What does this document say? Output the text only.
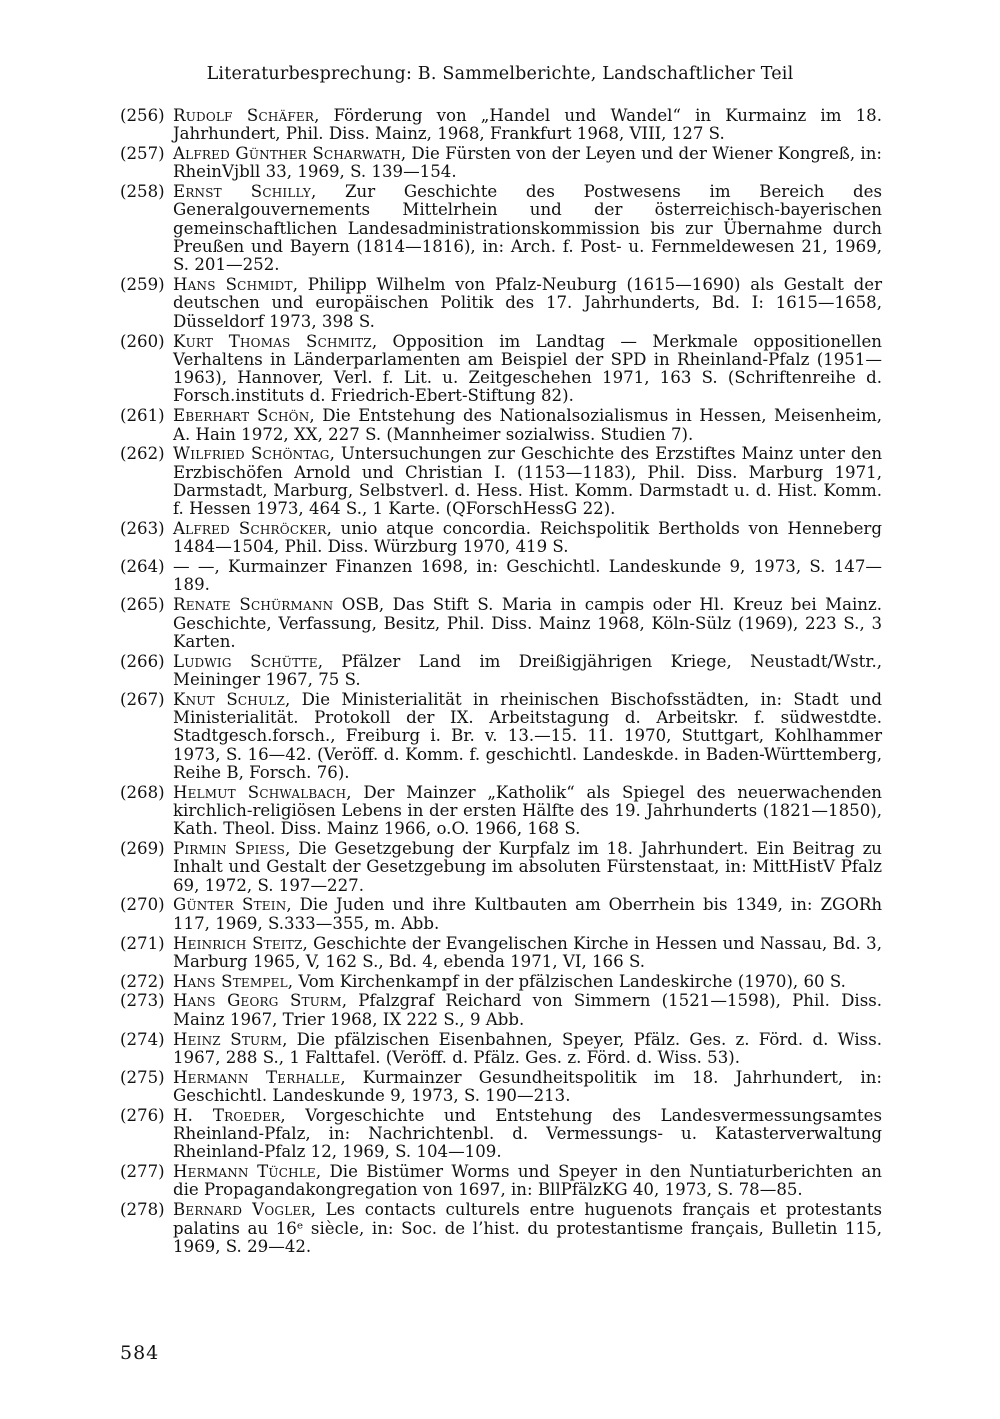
Literaturbesprechung: B. Sammelberichte, Landschaftlicher Teil
(256) Rudolf Schäfer, Förderung von „Handel und Wandel“ in Kurmainz im 18. Jahrhundert, Phil. Diss. Mainz, 1968, Frankfurt 1968, VIII, 127 S.
(257) Alfred Günther Scharwath, Die Fürsten von der Leyen und der Wiener Kongreß, in: RheinVjbll 33, 1969, S. 139—154.
(258) Ernst Schilly, Zur Geschichte des Postwesens im Bereich des Generalgouvernements Mittelrhein und der österreichisch-bayerischen gemeinschaftlichen Landesadministrationskommission bis zur Übernahme durch Preußen und Bayern (1814—1816), in: Arch. f. Post- u. Fernmeldewesen 21, 1969, S. 201—252.
(259) Hans Schmidt, Philipp Wilhelm von Pfalz-Neuburg (1615—1690) als Gestalt der deutschen und europäischen Politik des 17. Jahrhunderts, Bd. I: 1615—1658, Düsseldorf 1973, 398 S.
(260) Kurt Thomas Schmitz, Opposition im Landtag — Merkmale oppositionellen Verhaltens in Länderparlamenten am Beispiel der SPD in Rheinland-Pfalz (1951—1963), Hannover, Verl. f. Lit. u. Zeitgeschehen 1971, 163 S. (Schriftenreihe d. Forsch.instituts d. Friedrich-Ebert-Stiftung 82).
(261) Eberhart Schön, Die Entstehung des Nationalsozialismus in Hessen, Meisenheim, A. Hain 1972, XX, 227 S. (Mannheimer sozialwiss. Studien 7).
(262) Wilfried Schöntag, Untersuchungen zur Geschichte des Erzstiftes Mainz unter den Erzbischöfen Arnold und Christian I. (1153—1183), Phil. Diss. Marburg 1971, Darmstadt, Marburg, Selbstverl. d. Hess. Hist. Komm. Darmstadt u. d. Hist. Komm. f. Hessen 1973, 464 S., 1 Karte. (QForschHessG 22).
(263) Alfred Schröcker, unio atque concordia. Reichspolitik Bertholds von Henneberg 1484—1504, Phil. Diss. Würzburg 1970, 419 S.
(264) — —, Kurmainzer Finanzen 1698, in: Geschichtl. Landeskunde 9, 1973, S. 147—189.
(265) Renate Schürmann OSB, Das Stift S. Maria in campis oder Hl. Kreuz bei Mainz. Geschichte, Verfassung, Besitz, Phil. Diss. Mainz 1968, Köln-Sülz (1969), 223 S., 3 Karten.
(266) Ludwig Schütte, Pfälzer Land im Dreißigjährigen Kriege, Neustadt/Wstr., Meininger 1967, 75 S.
(267) Knut Schulz, Die Ministerialität in rheinischen Bischofsstädten, in: Stadt und Ministerialität. Protokoll der IX. Arbeitstagung d. Arbeitskr. f. südwestdte. Stadtgesch.forsch., Freiburg i. Br. v. 13.—15. 11. 1970, Stuttgart, Kohlhammer 1973, S. 16—42. (Veröff. d. Komm. f. geschichtl. Landeskde. in Baden-Württemberg, Reihe B, Forsch. 76).
(268) Helmut Schwalbach, Der Mainzer „Katholik“ als Spiegel des neuerwachenden kirchlich-religiösen Lebens in der ersten Hälfte des 19. Jahrhunderts (1821—1850), Kath. Theol. Diss. Mainz 1966, o.O. 1966, 168 S.
(269) Pirmin Spiess, Die Gesetzgebung der Kurpfalz im 18. Jahrhundert. Ein Beitrag zu Inhalt und Gestalt der Gesetzgebung im absoluten Fürstenstaat, in: MittHistV Pfalz 69, 1972, S. 197—227.
(270) Günter Stein, Die Juden und ihre Kultbauten am Oberrhein bis 1349, in: ZGORh 117, 1969, S.333—355, m. Abb.
(271) Heinrich Steitz, Geschichte der Evangelischen Kirche in Hessen und Nassau, Bd. 3, Marburg 1965, V, 162 S., Bd. 4, ebenda 1971, VI, 166 S.
(272) Hans Stempel, Vom Kirchenkampf in der pfälzischen Landeskirche (1970), 60 S.
(273) Hans Georg Sturm, Pfalzgraf Reichard von Simmern (1521—1598), Phil. Diss. Mainz 1967, Trier 1968, IX 222 S., 9 Abb.
(274) Heinz Sturm, Die pfälzischen Eisenbahnen, Speyer, Pfälz. Ges. z. Förd. d. Wiss. 1967, 288 S., 1 Falttafel. (Veröff. d. Pfälz. Ges. z. Förd. d. Wiss. 53).
(275) Hermann Terhalle, Kurmainzer Gesundheitspolitik im 18. Jahrhundert, in: Geschichtl. Landeskunde 9, 1973, S. 190—213.
(276) H. Troeder, Vorgeschichte und Entstehung des Landesvermessungsamtes Rheinland-Pfalz, in: Nachrichtenbl. d. Vermessungs- u. Katasterverwaltung Rheinland-Pfalz 12, 1969, S. 104—109.
(277) Hermann Tüchle, Die Bistümer Worms und Speyer in den Nuntiaturberichten an die Propagandakongregation von 1697, in: BllPfälzKG 40, 1973, S. 78—85.
(278) Bernard Vogler, Les contacts culturels entre huguenots français et protestants palatins au 16ᵉ siècle, in: Soc. de l’hist. du protestantisme français, Bulletin 115, 1969, S. 29—42.
584
